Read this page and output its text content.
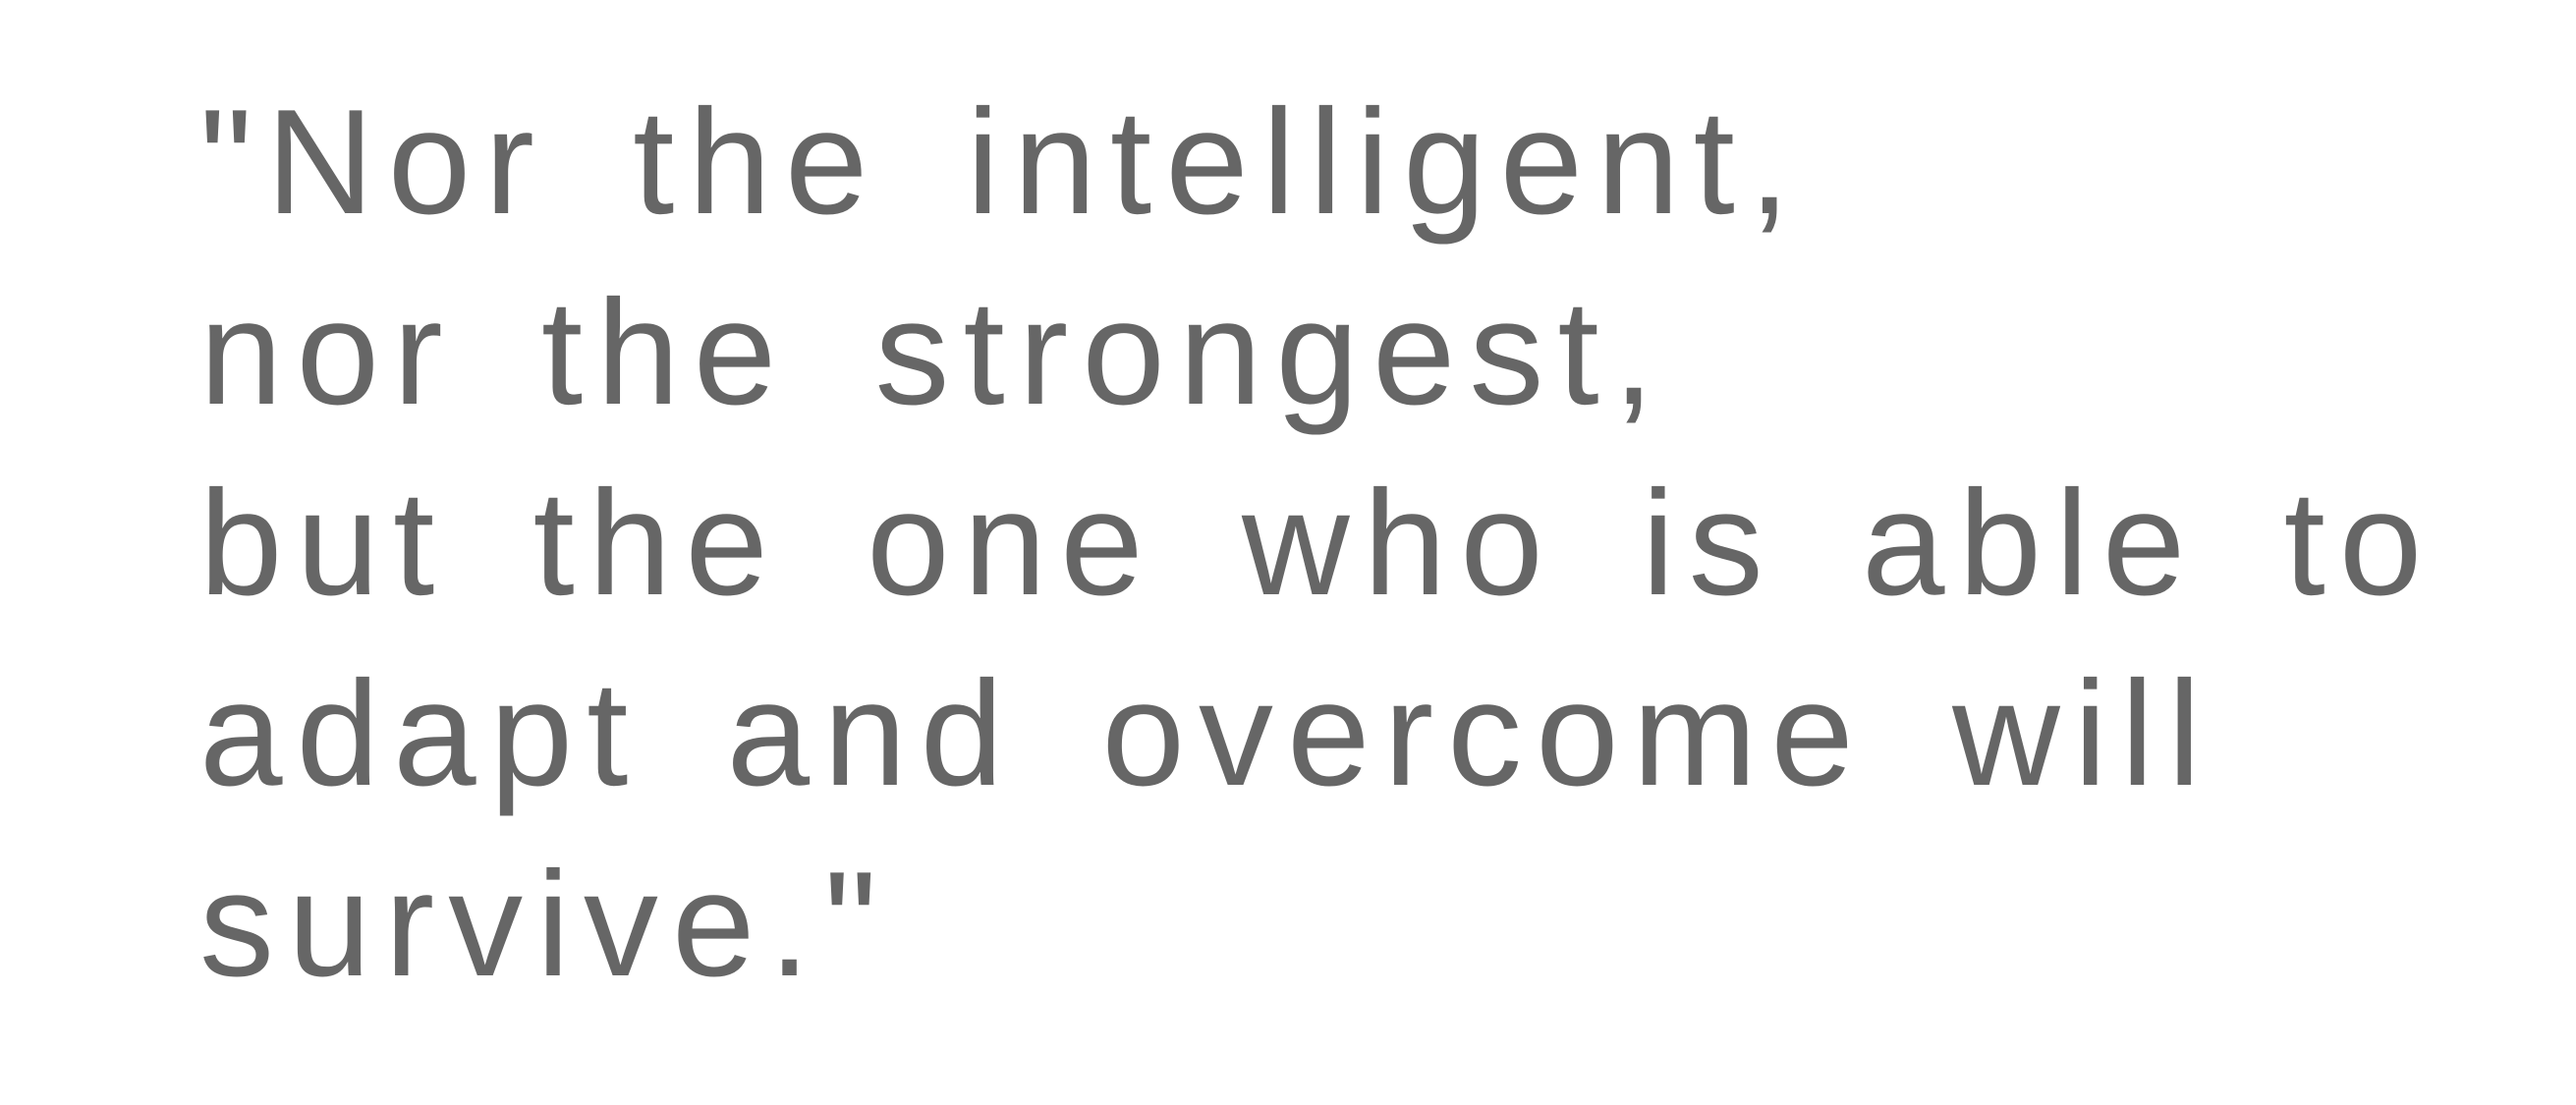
"Nor the intelligent,

nor the strongest,

but the one who is able to

adapt and overcome will

survive."
